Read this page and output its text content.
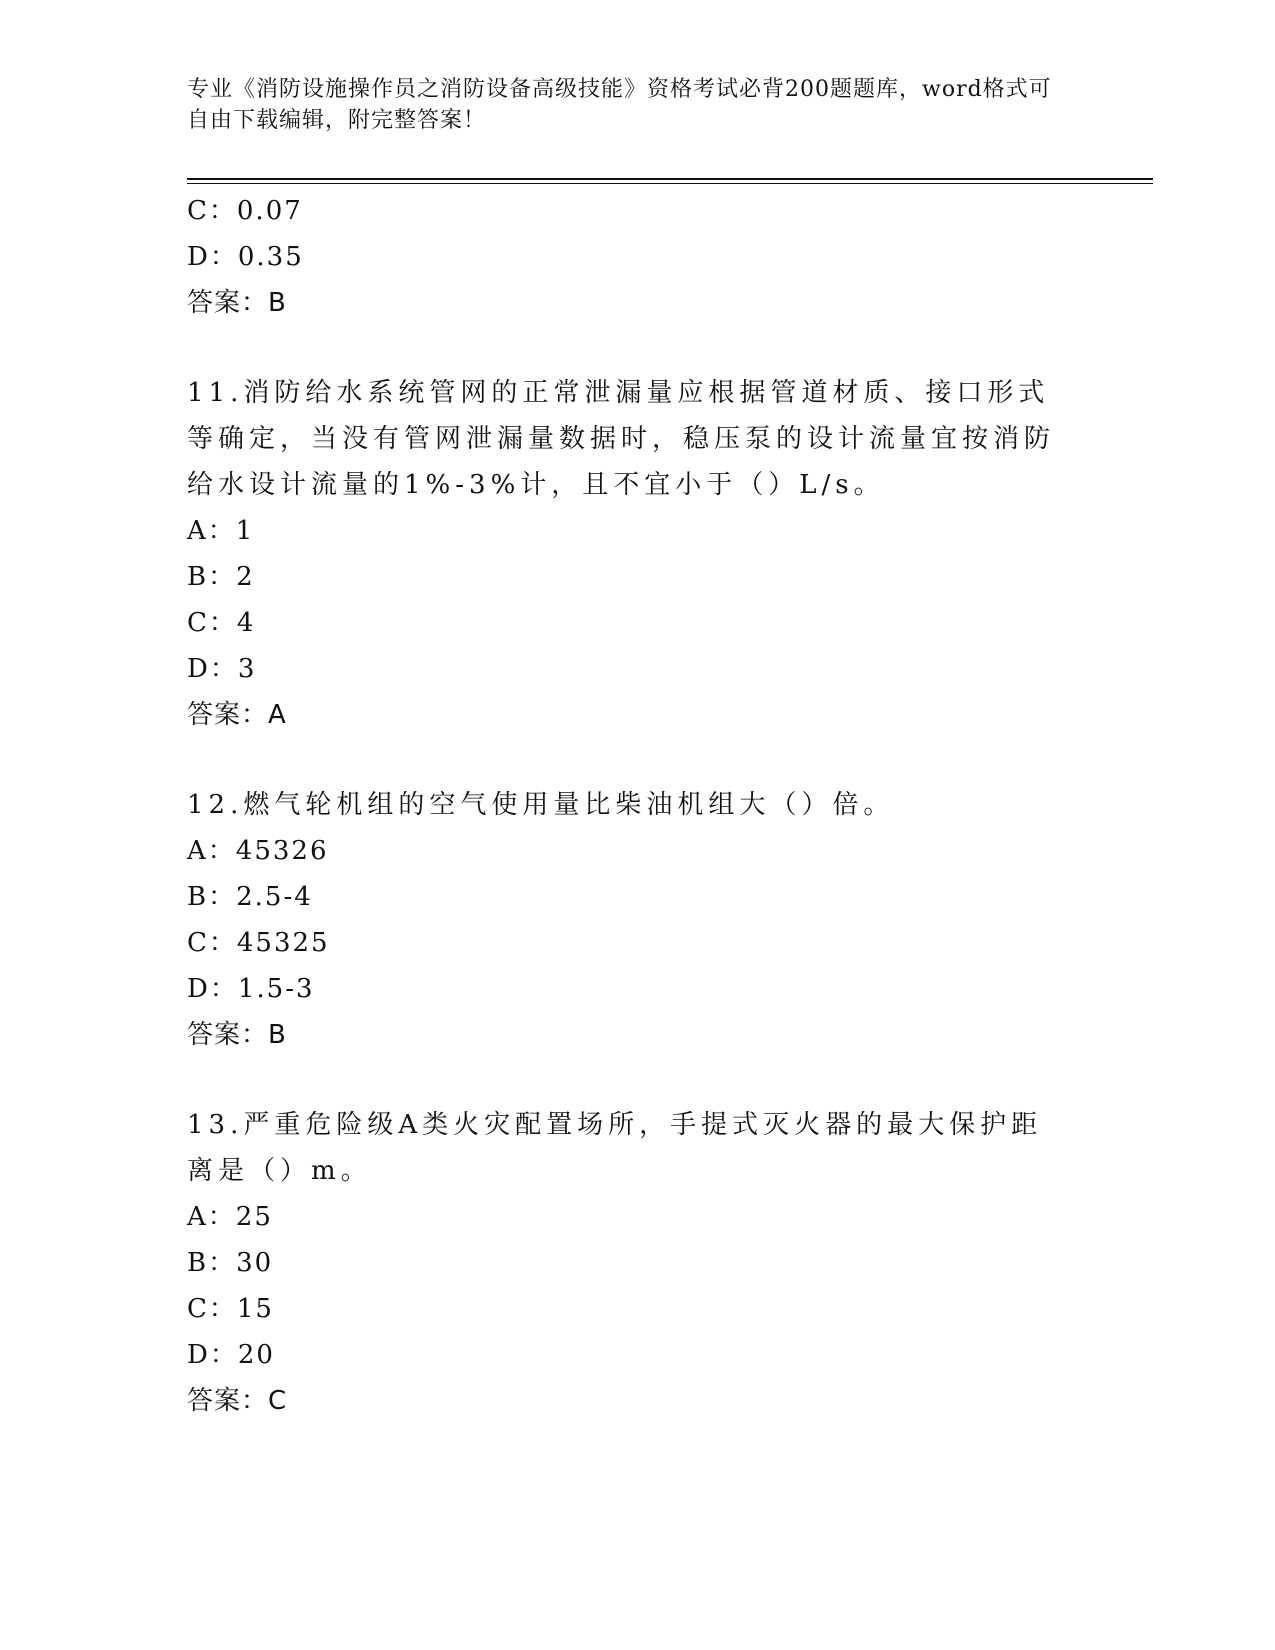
专业《消防设施操作员之消防设备高级技能》资格考试必背200题题库，word格式可自由下载编辑，附完整答案！
C：0.07
D：0.35
答案：B
11.消防给水系统管网的正常泄漏量应根据管道材质、接口形式等确定，当没有管网泄漏量数据时，稳压泵的设计流量宜按消防给水设计流量的1%-3%计，且不宜小于（）L/s。
A：1
B：2
C：4
D：3
答案：A
12.燃气轮机组的空气使用量比柴油机组大（）倍。
A：45326
B：2.5-4
C：45325
D：1.5-3
答案：B
13.严重危险级A类火灾配置场所，手提式灭火器的最大保护距离是（）m。
A：25
B：30
C：15
D：20
答案：C
